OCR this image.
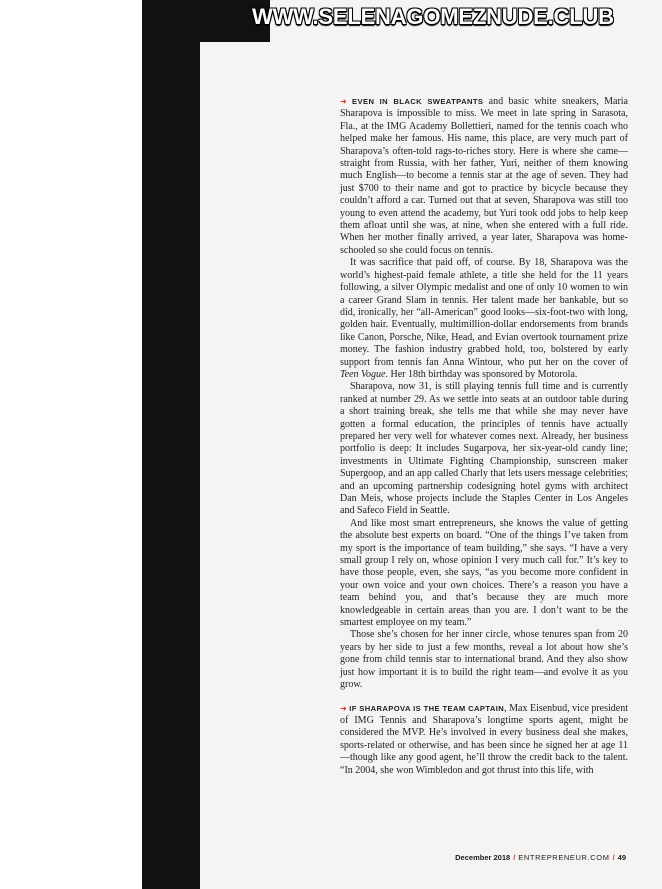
WWW.SELENAGOMEZNUDE.CLUB

➜ EVEN IN BLACK SWEATPANTS and basic white sneakers, Maria Sharapova is impossible to miss. We meet in late spring in Sarasota, Fla., at the IMG Academy Bollettieri, named for the tennis coach who helped make her famous. His name, this place, are very much part of Sharapova’s often-told rags-to-riches story. Here is where she came—straight from Russia, with her father, Yuri, neither of them knowing much English—to become a tennis star at the age of seven. They had just $700 to their name and got to practice by bicycle because they couldn’t afford a car. Turned out that at seven, Sharapova was still too young to even attend the academy, but Yuri took odd jobs to help keep them afloat until she was, at nine, when she entered with a full ride. When her mother finally arrived, a year later, Sharapova was home-schooled so she could focus on tennis.

It was sacrifice that paid off, of course. By 18, Sharapova was the world’s highest-paid female athlete, a title she held for the 11 years following, a silver Olympic medalist and one of only 10 women to win a career Grand Slam in tennis. Her talent made her bankable, but so did, ironically, her “all-American” good looks—six-foot-two with long, golden hair. Eventually, multimillion-dollar endorsements from brands like Canon, Porsche, Nike, Head, and Evian overtook tournament prize money. The fashion industry grabbed hold, too, bolstered by early support from tennis fan Anna Wintour, who put her on the cover of Teen Vogue. Her 18th birthday was sponsored by Motorola.

Sharapova, now 31, is still playing tennis full time and is currently ranked at number 29. As we settle into seats at an outdoor table during a short training break, she tells me that while she may never have gotten a formal education, the principles of tennis have actually prepared her very well for whatever comes next. Already, her business portfolio is deep: It includes Sugarpova, her six-year-old candy line; investments in Ultimate Fighting Championship, sunscreen maker Supergoop, and an app called Charly that lets users message celebrities; and an upcoming partnership codesigning hotel gyms with architect Dan Meis, whose projects include the Staples Center in Los Angeles and Safeco Field in Seattle.

And like most smart entrepreneurs, she knows the value of getting the absolute best experts on board. “One of the things I’ve taken from my sport is the importance of team building,” she says. “I have a very small group I rely on, whose opinion I very much call for.” It’s key to have those people, even, she says, “as you become more confident in your own voice and your own choices. There’s a reason you have a team behind you, and that’s because they are much more knowledgeable in certain areas than you are. I don’t want to be the smartest employee on my team.”

Those she’s chosen for her inner circle, whose tenures span from 20 years by her side to just a few months, reveal a lot about how she’s gone from child tennis star to international brand. And they also show just how important it is to build the right team—and evolve it as you grow.

➜ IF SHARAPOVA IS THE TEAM CAPTAIN, Max Eisenbud, vice president of IMG Tennis and Sharapova’s longtime sports agent, might be considered the MVP. He’s involved in every business deal she makes, sports-related or otherwise, and has been since he signed her at age 11—though like any good agent, he’ll throw the credit back to the talent. “In 2004, she won Wimbledon and got thrust into this life, with

December 2018 / ENTREPRENEUR.COM / 49
